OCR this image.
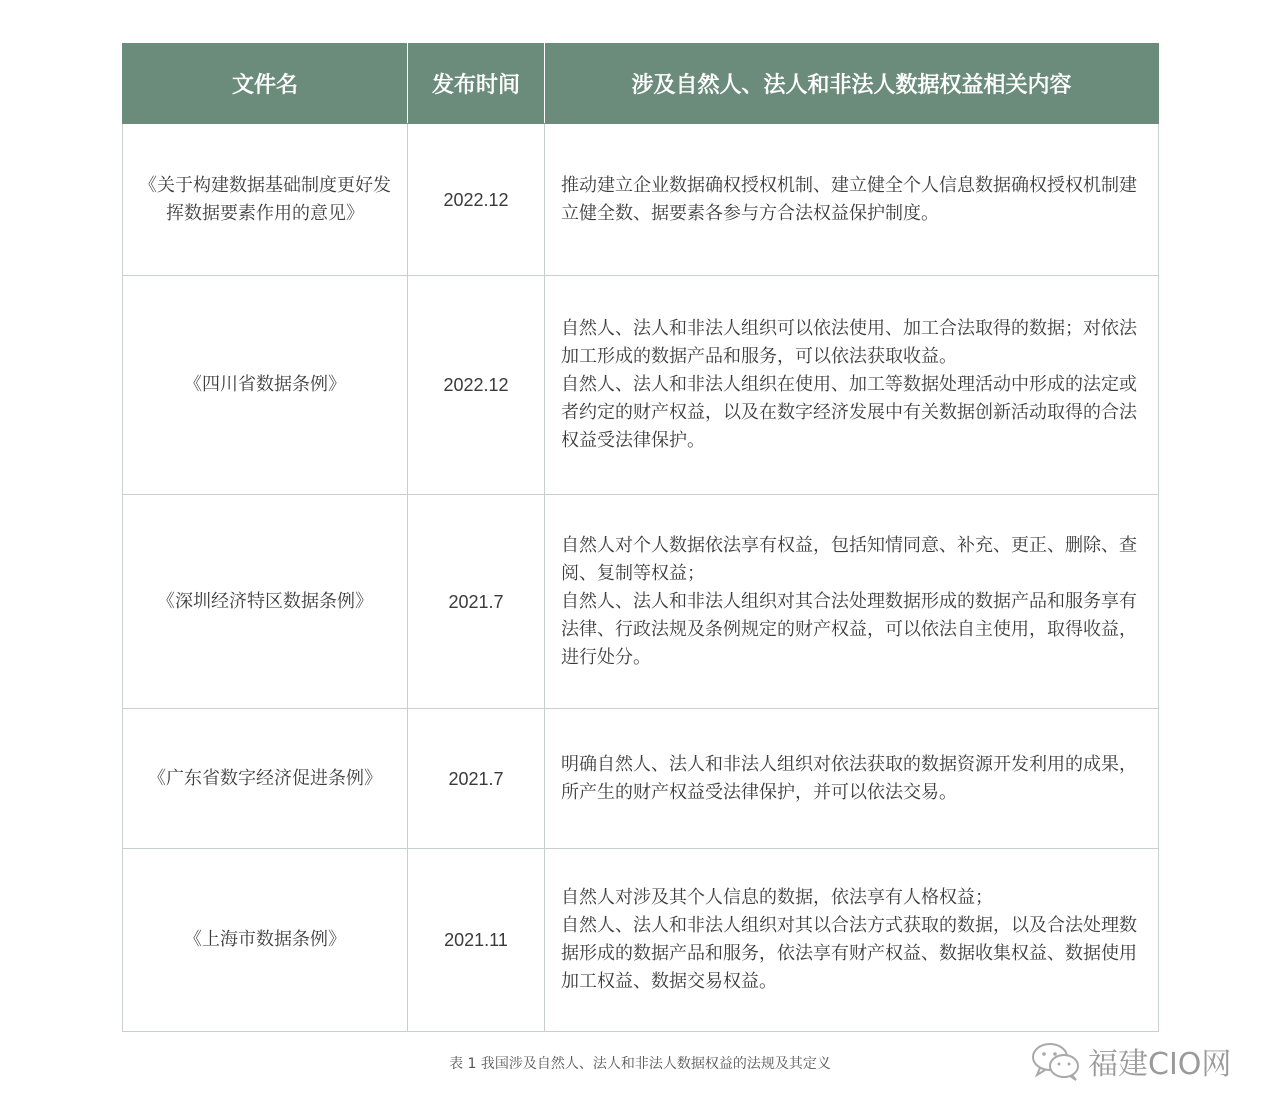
文件名	发布时间	涉及自然人、法人和非法人数据权益相关内容
《关于构建数据基础制度更好发挥数据要素作用的意见》	2022.12	推动建立企业数据确权授权机制、建立健全个人信息数据确权授权机制建立健全数、据要素各参与方合法权益保护制度。
《四川省数据条例》	2022.12	自然人、法人和非法人组织可以依法使用、加工合法取得的数据；对依法加工形成的数据产品和服务，可以依法获取收益。
自然人、法人和非法人组织在使用、加工等数据处理活动中形成的法定或者约定的财产权益，以及在数字经济发展中有关数据创新活动取得的合法权益受法律保护。
《深圳经济特区数据条例》	2021.7	自然人对个人数据依法享有权益，包括知情同意、补充、更正、删除、查阅、复制等权益；
自然人、法人和非法人组织对其合法处理数据形成的数据产品和服务享有法律、行政法规及条例规定的财产权益，可以依法自主使用，取得收益，进行处分。
《广东省数字经济促进条例》	2021.7	明确自然人、法人和非法人组织对依法获取的数据资源开发利用的成果，所产生的财产权益受法律保护，并可以依法交易。
《上海市数据条例》	2021.11	自然人对涉及其个人信息的数据，依法享有人格权益；
自然人、法人和非法人组织对其以合法方式获取的数据，以及合法处理数据形成的数据产品和服务，依法享有财产权益、数据收集权益、数据使用加工权益、数据交易权益。
表 1 我国涉及自然人、法人和非法人数据权益的法规及其定义	福建CIO网
